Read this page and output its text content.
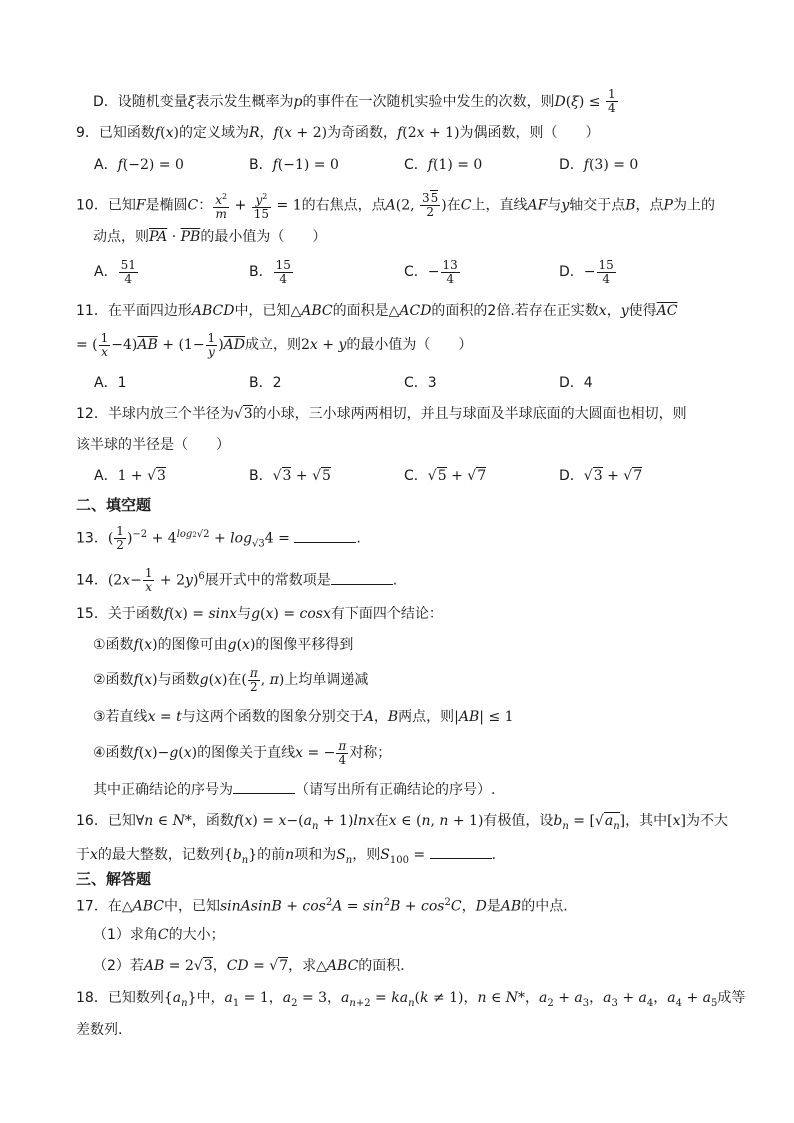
D．设随机变量ξ表示发生概率为p的事件在一次随机实验中发生的次数，则$D(\xi) \le \frac{1}{4}$
9．已知函数f(x)的定义域为R，f(x + 2)为奇函数，f(2x + 1)为偶函数，则（　　）
A．f(−2) = 0	B．f(−1) = 0	C．f(1) = 0	D．f(3) = 0
10．已知F是椭圆C： $\frac{x^2}{m} + \frac{y^2}{15} = 1$的右焦点，点A(2, $\frac{35}{2}$ )在C上，直线AF与y轴交于点B，点P为上的
动点，则$\overline{PA} \cdot \overline{PB}$的最小值为（　　）
A． $\frac{51}{4}$	B． $\frac{15}{4}$	C．− $\frac{13}{4}$	D．− $\frac{15}{4}$
11．在平面四边形ABCD中，已知△ABC的面积是△ACD的面积的2倍.若存在正实数x，y使得$\overline{AC}$
= ( $\frac{1}{x} -4)\overline{AB} + (1- \frac{1}{y} )\overline{AD}$成立，则2x + y的最小值为（　　）
A．1	B．2	C．3	D．4
12．半球内放三个半径为√3的小球，三小球两两相切，并且与球面及半球底面的大圆面也相切，则
该半球的半径是（　　）
A．1 + √3	B．√3 + √5	C．√5 + √7	D．√3 + √7
二、填空题
13．( $\frac{1}{2} )^{-2} + 4^{log2√2} + \log_{√3}4$ =	.
14．$(2x- \frac{1}{x} + 2y)^6$展开式中的常数项是	.
15．关于函数f(x) = sinx与g(x) = cosx有下面四个结论：
①函数f(x)的图像可由g(x)的图像平移得到
②函数f(x)与函数g(x)在( $\frac{\pi}{2}$ , π)上均单调递减
③若直线x = t与这两个函数的图象分别交于A，B两点，则|AB| ≤ 1
④函数f(x)−g(x)的图像关于直线x = − $\frac{\pi}{4}$ 对称；
其中正确结论的序号为	（请写出所有正确结论的序号）.
16．已知∀n ∈ N*，函数$f(x) = x-(a_n + 1)\ln x$在x ∈ (n, n + 1)有极值，设$b_n = [√a_n]$，其中[x]为不大
于x的最大整数，记数列$\{b_n\}$的前n项和为$S_n$，则$S_{100}$ =	.
三、解答题
17．在△ABC中，已知sinAsinB + $\cos^2A = \sin^2B + \cos^2C$，D是AB的中点.
（1）求角C的大小；
（2）若AB = 2√3，CD = √7，求△ABC的面积.
18．已知数列$\{a_n\}$中，$a_1 = 1$，$a_2 = 3$，$a_{n+2} = ka_n(k \ne 1)$，n ∈ N*，$a_2 + a_3$，$a_3 + a_4$，$a_4 + a_5$成等
差数列.
